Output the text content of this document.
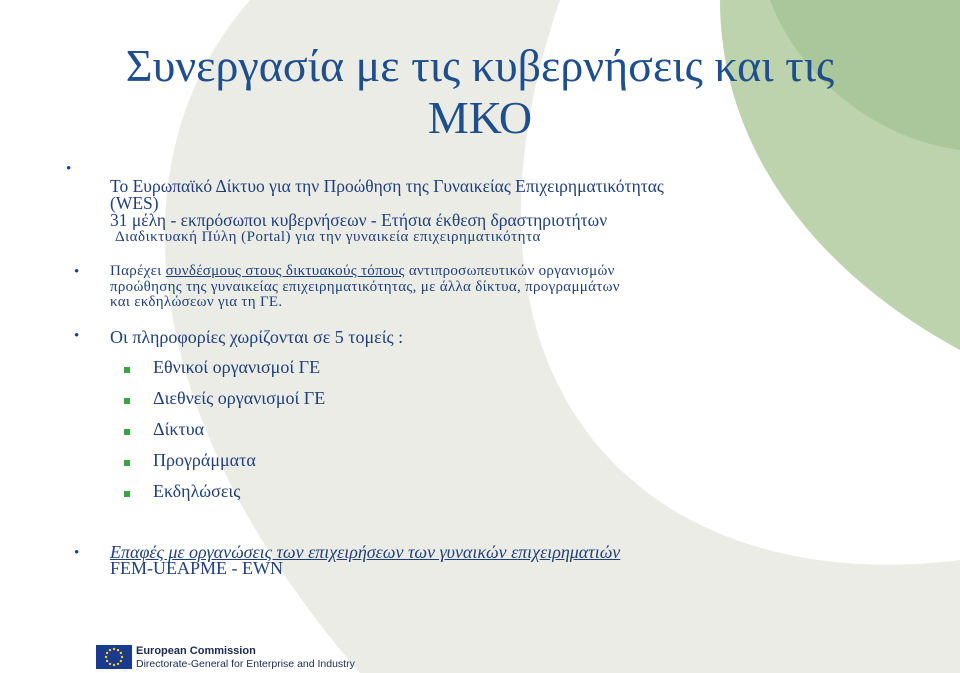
Συνεργασία με τις κυβερνήσεις και τις
ΜΚΟ
•
Το Ευρωπαϊκό Δίκτυο για την Προώθηση της Γυναικείας Επιχειρηματικότητας
(WES)
31 μέλη - εκπρόσωποι κυβερνήσεων - Ετήσια έκθεση δραστηριοτήτων
Διαδικτυακή Πύλη (Portal) για την γυναικεία επιχειρηματικότητα
• Παρέχει συνδέσμους στους δικτυακούς τόπους αντιπροσωπευτικών οργανισμών
προώθησης της γυναικείας επιχειρηματικότητας, με άλλα δίκτυα, προγραμμάτων
και εκδηλώσεων για τη ΓΕ.
• Οι πληροφορίες χωρίζονται σε 5 τομείς :
Εθνικοί οργανισμοί ΓΕ
Διεθνείς οργανισμοί ΓΕ
Δίκτυα
Προγράμματα
Εκδηλώσεις
• Επαφές με οργανώσεις των επιχειρήσεων των γυναικών επιχειρηματιών
FEM-UEAPME - EWN
European Commission
Directorate-General for Enterprise and Industry
